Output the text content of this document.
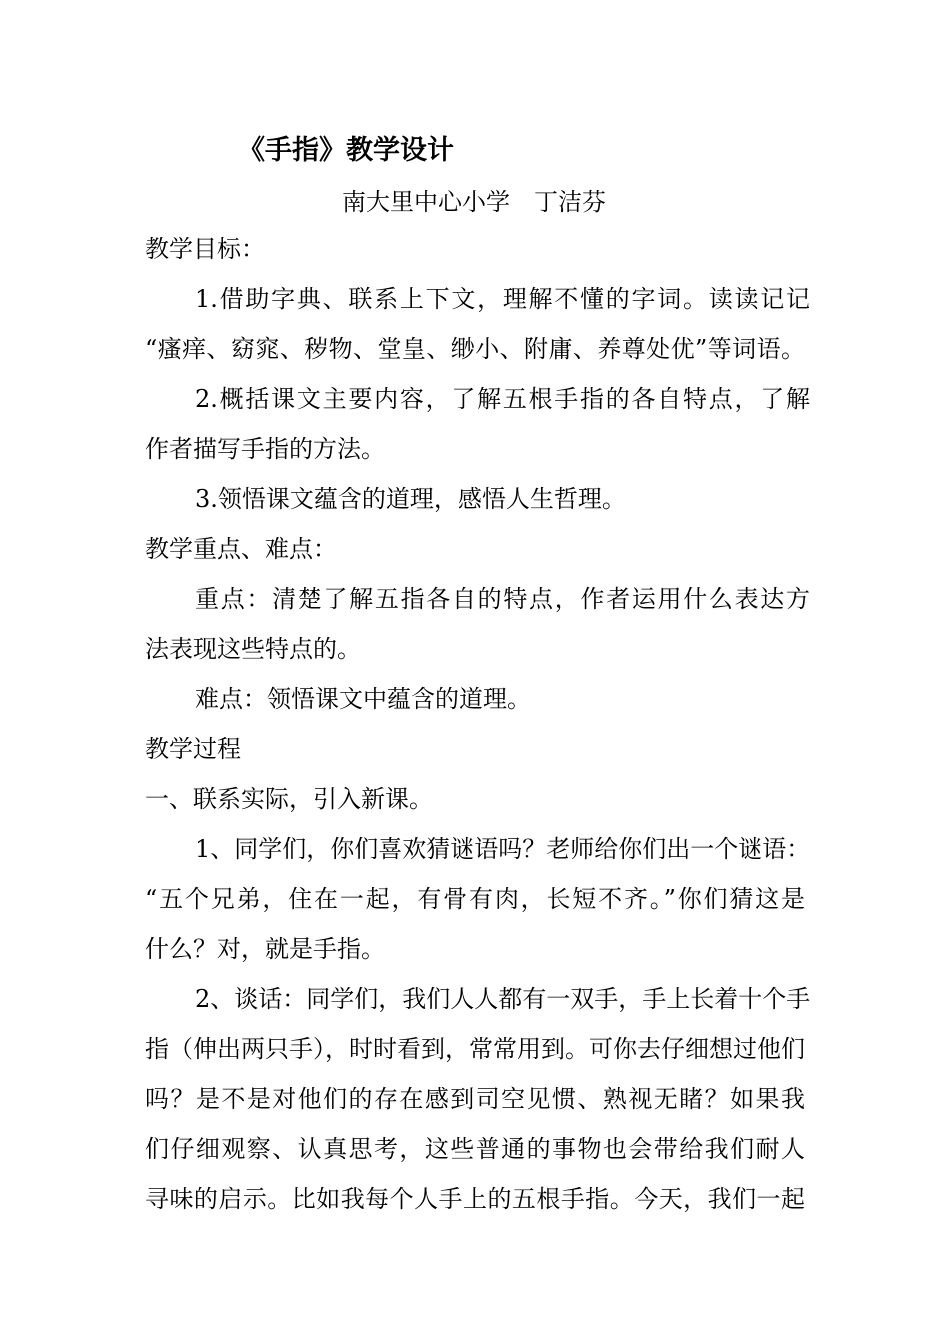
《手指》教学设计
南大里中心小学　丁洁芬
教学目标：
1.借助字典、联系上下文，理解不懂的字词。读读记记
“瘙痒、窈窕、秽物、堂皇、缈小、附庸、养尊处优”等词语。
2.概括课文主要内容，了解五根手指的各自特点，了解
作者描写手指的方法。
3.领悟课文蕴含的道理，感悟人生哲理。
教学重点、难点：
重点：清楚了解五指各自的特点，作者运用什么表达方
法表现这些特点的。
难点：领悟课文中蕴含的道理。
教学过程
一、联系实际，引入新课。
1、同学们，你们喜欢猜谜语吗？老师给你们出一个谜语：
“五个兄弟，住在一起，有骨有肉，长短不齐。”你们猜这是
什么？对，就是手指。
2、谈话：同学们，我们人人都有一双手，手上长着十个手
指（伸出两只手），时时看到，常常用到。可你去仔细想过他们
吗？是不是对他们的存在感到司空见惯、熟视无睹？如果我
们仔细观察、认真思考，这些普通的事物也会带给我们耐人
寻味的启示。比如我每个人手上的五根手指。今天，我们一起
